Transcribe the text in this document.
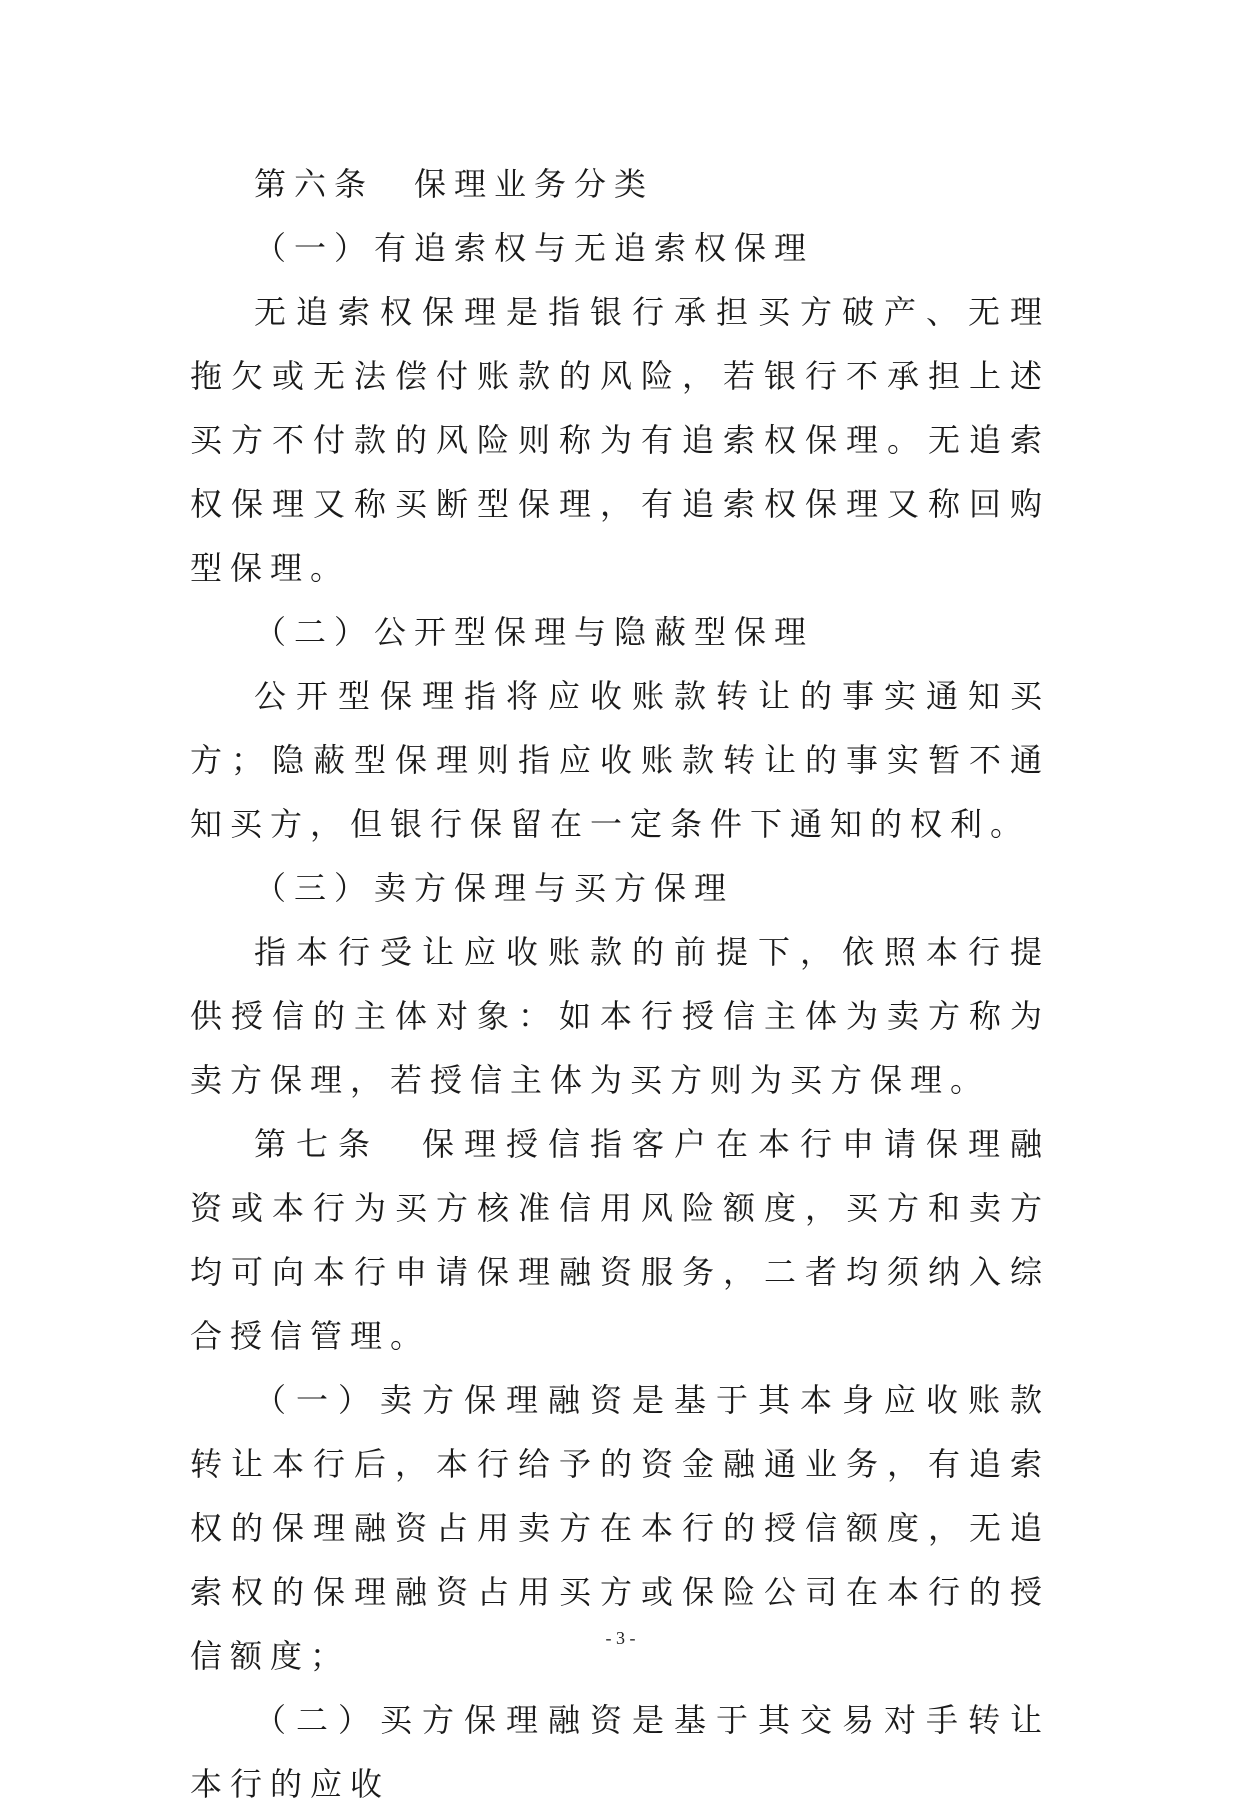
第六条　保理业务分类

（一）有追索权与无追索权保理

无追索权保理是指银行承担买方破产、无理拖欠或无法偿付账款的风险，若银行不承担上述买方不付款的风险则称为有追索权保理。无追索权保理又称买断型保理，有追索权保理又称回购型保理。

（二）公开型保理与隐蔽型保理

公开型保理指将应收账款转让的事实通知买方；隐蔽型保理则指应收账款转让的事实暂不通知买方，但银行保留在一定条件下通知的权利。

（三）卖方保理与买方保理

指本行受让应收账款的前提下，依照本行提供授信的主体对象：如本行授信主体为卖方称为卖方保理，若授信主体为买方则为买方保理。

第七条　保理授信指客户在本行申请保理融资或本行为买方核准信用风险额度，买方和卖方均可向本行申请保理融资服务，二者均须纳入综合授信管理。

（一）卖方保理融资是基于其本身应收账款转让本行后，本行给予的资金融通业务，有追索权的保理融资占用卖方在本行的授信额度，无追索权的保理融资占用买方或保险公司在本行的授信额度；

（二）买方保理融资是基于其交易对手转让本行的应收

- 3 -
